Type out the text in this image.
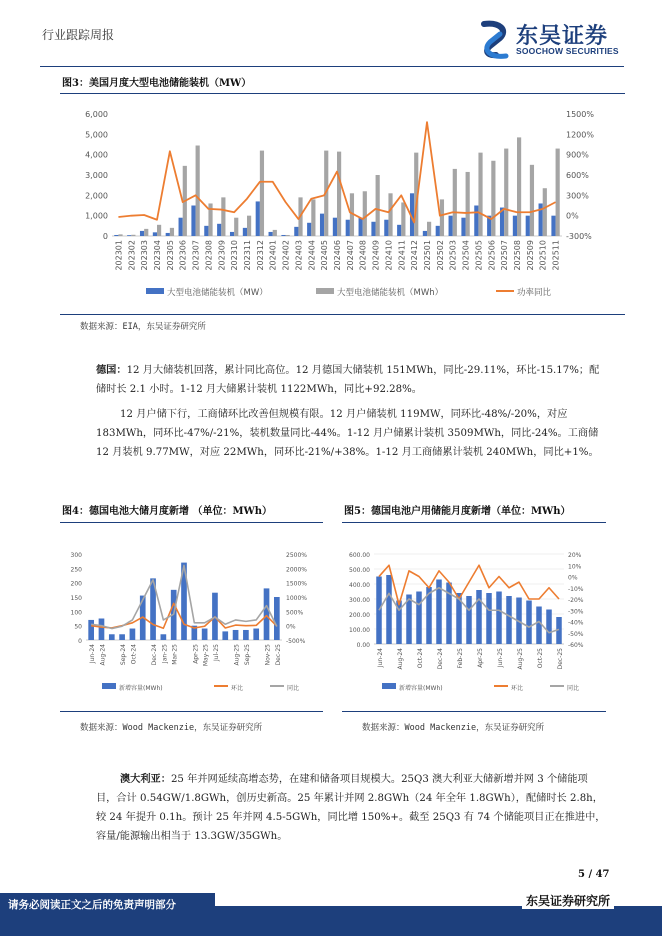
行业跟踪周报	东吴证券
SOOCHOW SECURITIES
图3：美国月度大型电池储能装机（MW）
0
1,000
2,000
3,000
4,000
5,000
6,000
-300%
0%
300%
600%
900%
1200%
1500%
202301 202302 202303 202304 202305 202306 202307 202308 202309 202310 202311 202312 202401 202402 202403 202404 202405 202406 202407 202408 202409 202410 202411 202412 202501 202502 202503 202504 202505 202506 202507 202508 202509 202510 202511
大型电池储能装机（MW）	大型电池储能装机（MWh）	功率同比
数据来源：EIA，东吴证券研究所
德国：12 月大储装机回落，累计同比高位。12 月德国大储装机 151MWh，同比-29.11%，环比-15.17%；配储时长 2.1 小时。1-12 月大储累计装机 1122MWh，同比+92.28%。
12 月户储下行，工商储环比改善但规模有限。12 月户储装机 119MW，同环比-48%/-20%，对应 183MWh，同环比-47%/-21%，装机数量同比-44%。1-12 月户储累计装机 3509MWh，同比-24%。工商储 12 月装机 9.77MW，对应 22MWh，同环比-21%/+38%。1-12 月工商储累计装机 240MWh，同比+1%。
图4：德国电池大储月度新增 （单位：MWh）	图5：德国电池户用储能月度新增（单位：MWh）
0
50
100
150
200
250
300
-500%
0%
500%
1000%
1500%
2000%
2500%
Jun-24 Aug-24 Sep-24 Oct-24 Dec-24 Jan-25 Mar-25 Apr-25 May-25 Jul-25 Aug-25 Sep-25 Nov-25 Dec-25
新增容量(MWh)	环比	同比
0.00
100.00
200.00
300.00
400.00
500.00
600.00
-60%
-50%
-40%
-30%
-20%
-10%
0%
10%
20%
Jun-24 Aug-24 Oct-24 Dec-24 Feb-25 Apr-25 Jun-25 Aug-25 Oct-25 Dec-25
新增容量(MWh)	环比	同比
数据来源：Wood Mackenzie，东吴证券研究所	数据来源：Wood Mackenzie，东吴证券研究所
澳大利亚：25 年并网延续高增态势，在建和储备项目规模大。25Q3 澳大利亚大储新增并网 3 个储能项目，合计 0.54GW/1.8GWh，创历史新高。25 年累计并网 2.8GWh（24 年全年 1.8GWh），配储时长 2.8h，较 24 年提升 0.1h。预计 25 年并网 4.5-5GWh，同比增 150%+。截至 25Q3 有 74 个储能项目正在推进中，容量/能源输出相当于 13.3GW/35GWh。
5 / 47
请务必阅读正文之后的免责声明部分	东吴证券研究所
